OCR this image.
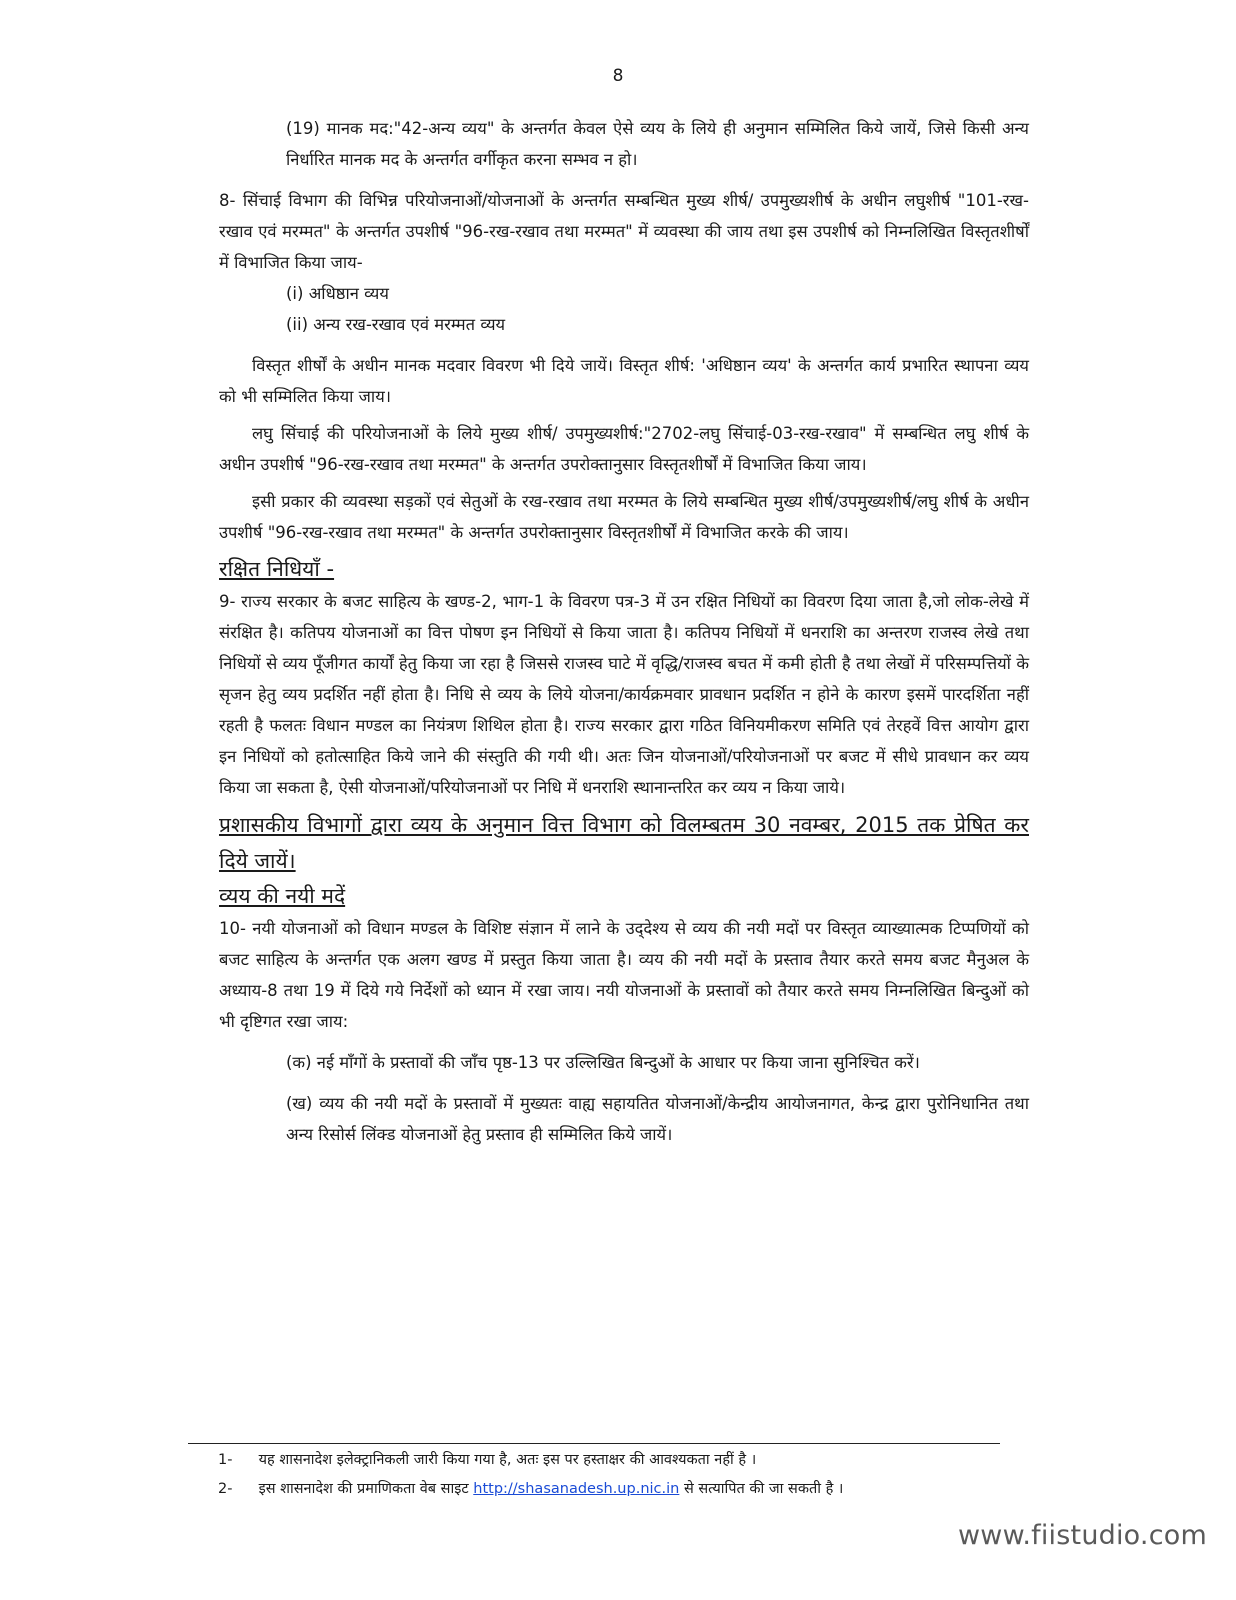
8

(19) मानक मद:"42-अन्य व्यय" के अन्तर्गत केवल ऐसे व्यय के लिये ही अनुमान सम्मिलित किये जायें, जिसे किसी अन्य निर्धारित मानक मद के अन्तर्गत वर्गीकृत करना सम्भव न हो।

8- सिंचाई विभाग की विभिन्न परियोजनाओं/योजनाओं के अन्तर्गत सम्बन्धित मुख्य शीर्ष/ उपमुख्यशीर्ष के अधीन लघुशीर्ष "101-रख-रखाव एवं मरम्मत" के अन्तर्गत उपशीर्ष "96-रख-रखाव तथा मरम्मत" में व्यवस्था की जाय तथा इस उपशीर्ष को निम्नलिखित विस्तृतशीर्षों में विभाजित किया जाय-

(i) अधिष्ठान व्यय

(ii) अन्य रख-रखाव एवं मरम्मत व्यय

विस्तृत शीर्षों के अधीन मानक मदवार विवरण भी दिये जायें। विस्तृत शीर्ष: 'अधिष्ठान व्यय' के अन्तर्गत कार्य प्रभारित स्थापना व्यय को भी सम्मिलित किया जाय।

लघु सिंचाई की परियोजनाओं के लिये मुख्य शीर्ष/ उपमुख्यशीर्ष:"2702-लघु सिंचाई-03-रख-रखाव" में सम्बन्धित लघु शीर्ष के अधीन उपशीर्ष "96-रख-रखाव तथा मरम्मत" के अन्तर्गत उपरोक्तानुसार विस्तृतशीर्षों में विभाजित किया जाय।

इसी प्रकार की व्यवस्था सड़कों एवं सेतुओं के रख-रखाव तथा मरम्मत के लिये सम्बन्धित मुख्य शीर्ष/उपमुख्यशीर्ष/लघु शीर्ष के अधीन उपशीर्ष "96-रख-रखाव तथा मरम्मत" के अन्तर्गत उपरोक्तानुसार विस्तृतशीर्षों में विभाजित करके की जाय।

रक्षित निधियाँ -

9- राज्य सरकार के बजट साहित्य के खण्ड-2, भाग-1 के विवरण पत्र-3 में उन रक्षित निधियों का विवरण दिया जाता है,जो लोक-लेखे में संरक्षित है। कतिपय योजनाओं का वित्त पोषण इन निधियों से किया जाता है। कतिपय निधियों में धनराशि का अन्तरण राजस्व लेखे तथा निधियों से व्यय पूँजीगत कार्यों हेतु किया जा रहा है जिससे राजस्व घाटे में वृद्धि/राजस्व बचत में कमी होती है तथा लेखों में परिसम्पत्तियों के सृजन हेतु व्यय प्रदर्शित नहीं होता है। निधि से व्यय के लिये योजना/कार्यक्रमवार प्रावधान प्रदर्शित न होने के कारण इसमें पारदर्शिता नहीं रहती है फलतः विधान मण्डल का नियंत्रण शिथिल होता है। राज्य सरकार द्वारा गठित विनियमीकरण समिति एवं तेरहवें वित्त आयोग द्वारा इन निधियों को हतोत्साहित किये जाने की संस्तुति की गयी थी। अतः जिन योजनाओं/परियोजनाओं पर बजट में सीधे प्रावधान कर व्यय किया जा सकता है, ऐसी योजनाओं/परियोजनाओं पर निधि में धनराशि स्थानान्तरित कर व्यय न किया जाये।

प्रशासकीय विभागों द्वारा व्यय के अनुमान वित्त विभाग को विलम्बतम 30 नवम्बर, 2015 तक प्रेषित कर दिये जायें।
व्यय की नयी मदें

10- नयी योजनाओं को विधान मण्डल के विशिष्ट संज्ञान में लाने के उद्‌देश्य से व्यय की नयी मदों पर विस्तृत व्याख्यात्मक टिप्पणियों को बजट साहित्य के अन्तर्गत एक अलग खण्ड में प्रस्तुत किया जाता है। व्यय की नयी मदों के प्रस्ताव तैयार करते समय बजट मैनुअल के अध्याय-8 तथा 19 में दिये गये निर्देशों को ध्यान में रखा जाय। नयी योजनाओं के प्रस्तावों को तैयार करते समय निम्नलिखित बिन्दुओं को भी दृष्टिगत रखा जाय:

(क) नई माँगों के प्रस्तावों की जाँच पृष्ठ-13 पर उल्लिखित बिन्दुओं के आधार पर किया जाना सुनिश्चित करें।

(ख) व्यय की नयी मदों के प्रस्तावों में मुख्यतः वाह्य सहायतित योजनाओं/केन्द्रीय आयोजनागत, केन्द्र द्वारा पुरोनिधानित तथा अन्य रिसोर्स लिंक्ड योजनाओं हेतु प्रस्ताव ही सम्मिलित किये जायें।

1- यह शासनादेश इलेक्ट्रानिकली जारी किया गया है, अतः इस पर हस्ताक्षर की आवश्यकता नहीं है ।
2- इस शासनादेश की प्रमाणिकता वेब साइट http://shasanadesh.up.nic.in से सत्यापित की जा सकती है ।
www.fiistudio.com
